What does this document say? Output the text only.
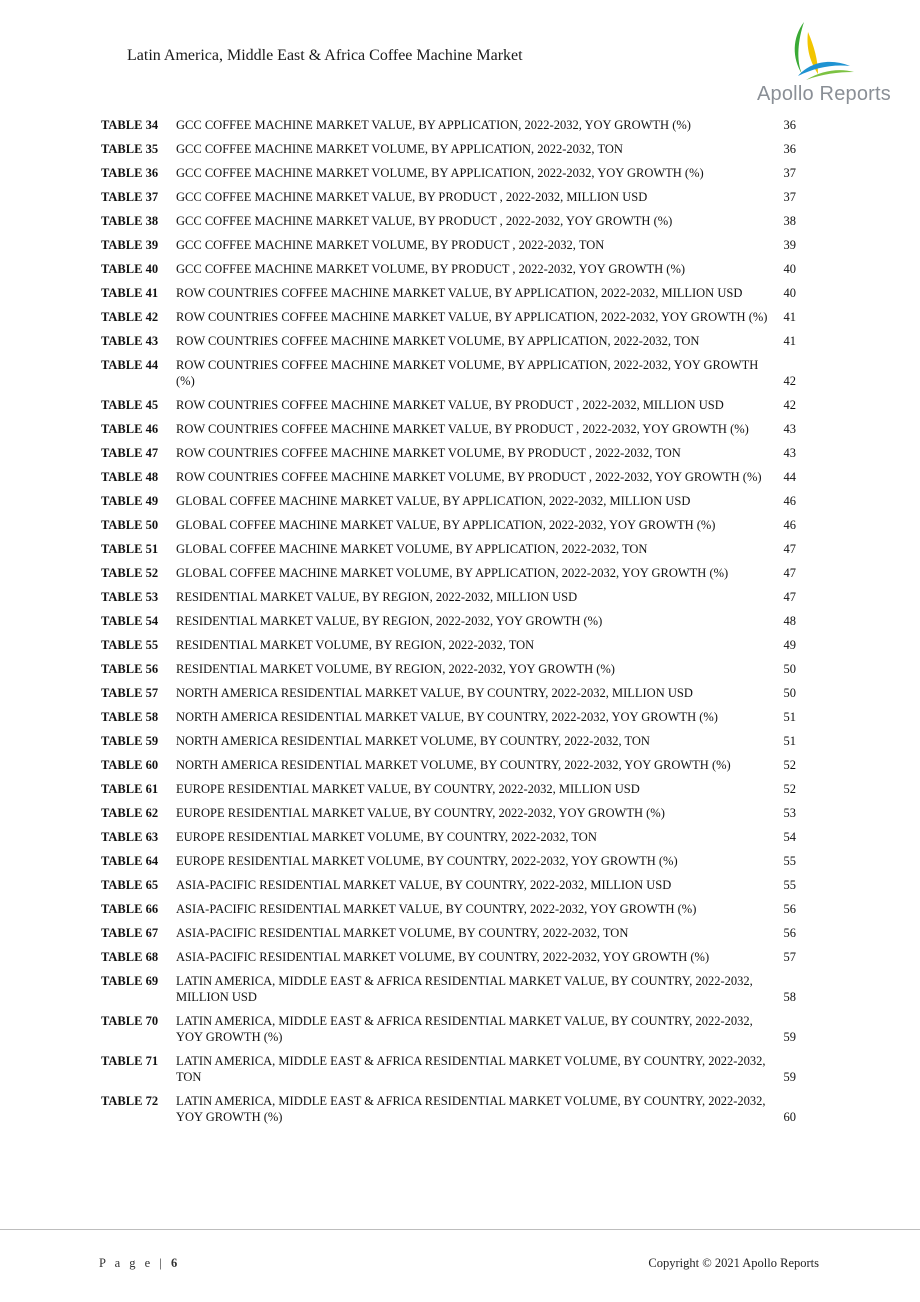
Latin America, Middle East & Africa Coffee Machine Market
Apollo Reports
TABLE 34	GCC COFFEE MACHINE MARKET VALUE, BY APPLICATION, 2022-2032, YOY GROWTH (%)	36
TABLE 35	GCC COFFEE MACHINE MARKET VOLUME, BY APPLICATION, 2022-2032, TON	36
TABLE 36	GCC COFFEE MACHINE MARKET VOLUME, BY APPLICATION, 2022-2032, YOY GROWTH (%)	37
TABLE 37	GCC COFFEE MACHINE MARKET VALUE, BY PRODUCT , 2022-2032, MILLION USD	37
TABLE 38	GCC COFFEE MACHINE MARKET VALUE, BY PRODUCT , 2022-2032, YOY GROWTH (%)	38
TABLE 39	GCC COFFEE MACHINE MARKET VOLUME, BY PRODUCT , 2022-2032, TON	39
TABLE 40	GCC COFFEE MACHINE MARKET VOLUME, BY PRODUCT , 2022-2032, YOY GROWTH (%)	40
TABLE 41	ROW COUNTRIES COFFEE MACHINE MARKET VALUE, BY APPLICATION, 2022-2032, MILLION USD	40
TABLE 42	ROW COUNTRIES COFFEE MACHINE MARKET VALUE, BY APPLICATION, 2022-2032, YOY GROWTH (%)	41
TABLE 43	ROW COUNTRIES COFFEE MACHINE MARKET VOLUME, BY APPLICATION, 2022-2032, TON	41
TABLE 44	ROW COUNTRIES COFFEE MACHINE MARKET VOLUME, BY APPLICATION, 2022-2032, YOY GROWTH (%)	42
TABLE 45	ROW COUNTRIES COFFEE MACHINE MARKET VALUE, BY PRODUCT , 2022-2032, MILLION USD	42
TABLE 46	ROW COUNTRIES COFFEE MACHINE MARKET VALUE, BY PRODUCT , 2022-2032, YOY GROWTH (%)	43
TABLE 47	ROW COUNTRIES COFFEE MACHINE MARKET VOLUME, BY PRODUCT , 2022-2032, TON	43
TABLE 48	ROW COUNTRIES COFFEE MACHINE MARKET VOLUME, BY PRODUCT , 2022-2032, YOY GROWTH (%)	44
TABLE 49	GLOBAL COFFEE MACHINE MARKET VALUE, BY APPLICATION, 2022-2032, MILLION USD	46
TABLE 50	GLOBAL COFFEE MACHINE MARKET VALUE, BY APPLICATION, 2022-2032, YOY GROWTH (%)	46
TABLE 51	GLOBAL COFFEE MACHINE MARKET VOLUME, BY APPLICATION, 2022-2032, TON	47
TABLE 52	GLOBAL COFFEE MACHINE MARKET VOLUME, BY APPLICATION, 2022-2032, YOY GROWTH (%)	47
TABLE 53	RESIDENTIAL MARKET VALUE, BY REGION, 2022-2032, MILLION USD	47
TABLE 54	RESIDENTIAL MARKET VALUE, BY REGION, 2022-2032, YOY GROWTH (%)	48
TABLE 55	RESIDENTIAL MARKET VOLUME, BY REGION, 2022-2032, TON	49
TABLE 56	RESIDENTIAL MARKET VOLUME, BY REGION, 2022-2032, YOY GROWTH (%)	50
TABLE 57	NORTH AMERICA RESIDENTIAL MARKET VALUE, BY COUNTRY, 2022-2032, MILLION USD	50
TABLE 58	NORTH AMERICA RESIDENTIAL MARKET VALUE, BY COUNTRY, 2022-2032, YOY GROWTH (%)	51
TABLE 59	NORTH AMERICA RESIDENTIAL MARKET VOLUME, BY COUNTRY, 2022-2032, TON	51
TABLE 60	NORTH AMERICA RESIDENTIAL MARKET VOLUME, BY COUNTRY, 2022-2032, YOY GROWTH (%)	52
TABLE 61	EUROPE RESIDENTIAL MARKET VALUE, BY COUNTRY, 2022-2032, MILLION USD	52
TABLE 62	EUROPE RESIDENTIAL MARKET VALUE, BY COUNTRY, 2022-2032, YOY GROWTH (%)	53
TABLE 63	EUROPE RESIDENTIAL MARKET VOLUME, BY COUNTRY, 2022-2032, TON	54
TABLE 64	EUROPE RESIDENTIAL MARKET VOLUME, BY COUNTRY, 2022-2032, YOY GROWTH (%)	55
TABLE 65	ASIA-PACIFIC RESIDENTIAL MARKET VALUE, BY COUNTRY, 2022-2032, MILLION USD	55
TABLE 66	ASIA-PACIFIC RESIDENTIAL MARKET VALUE, BY COUNTRY, 2022-2032, YOY GROWTH (%)	56
TABLE 67	ASIA-PACIFIC RESIDENTIAL MARKET VOLUME, BY COUNTRY, 2022-2032, TON	56
TABLE 68	ASIA-PACIFIC RESIDENTIAL MARKET VOLUME, BY COUNTRY, 2022-2032, YOY GROWTH (%)	57
TABLE 69	LATIN AMERICA, MIDDLE EAST & AFRICA RESIDENTIAL MARKET VALUE, BY COUNTRY, 2022-2032, MILLION USD	58
TABLE 70	LATIN AMERICA, MIDDLE EAST & AFRICA RESIDENTIAL MARKET VALUE, BY COUNTRY, 2022-2032, YOY GROWTH (%)	59
TABLE 71	LATIN AMERICA, MIDDLE EAST & AFRICA RESIDENTIAL MARKET VOLUME, BY COUNTRY, 2022-2032, TON	59
TABLE 72	LATIN AMERICA, MIDDLE EAST & AFRICA RESIDENTIAL MARKET VOLUME, BY COUNTRY, 2022-2032, YOY GROWTH (%)	60
P a g e | 6	Copyright © 2021 Apollo Reports
